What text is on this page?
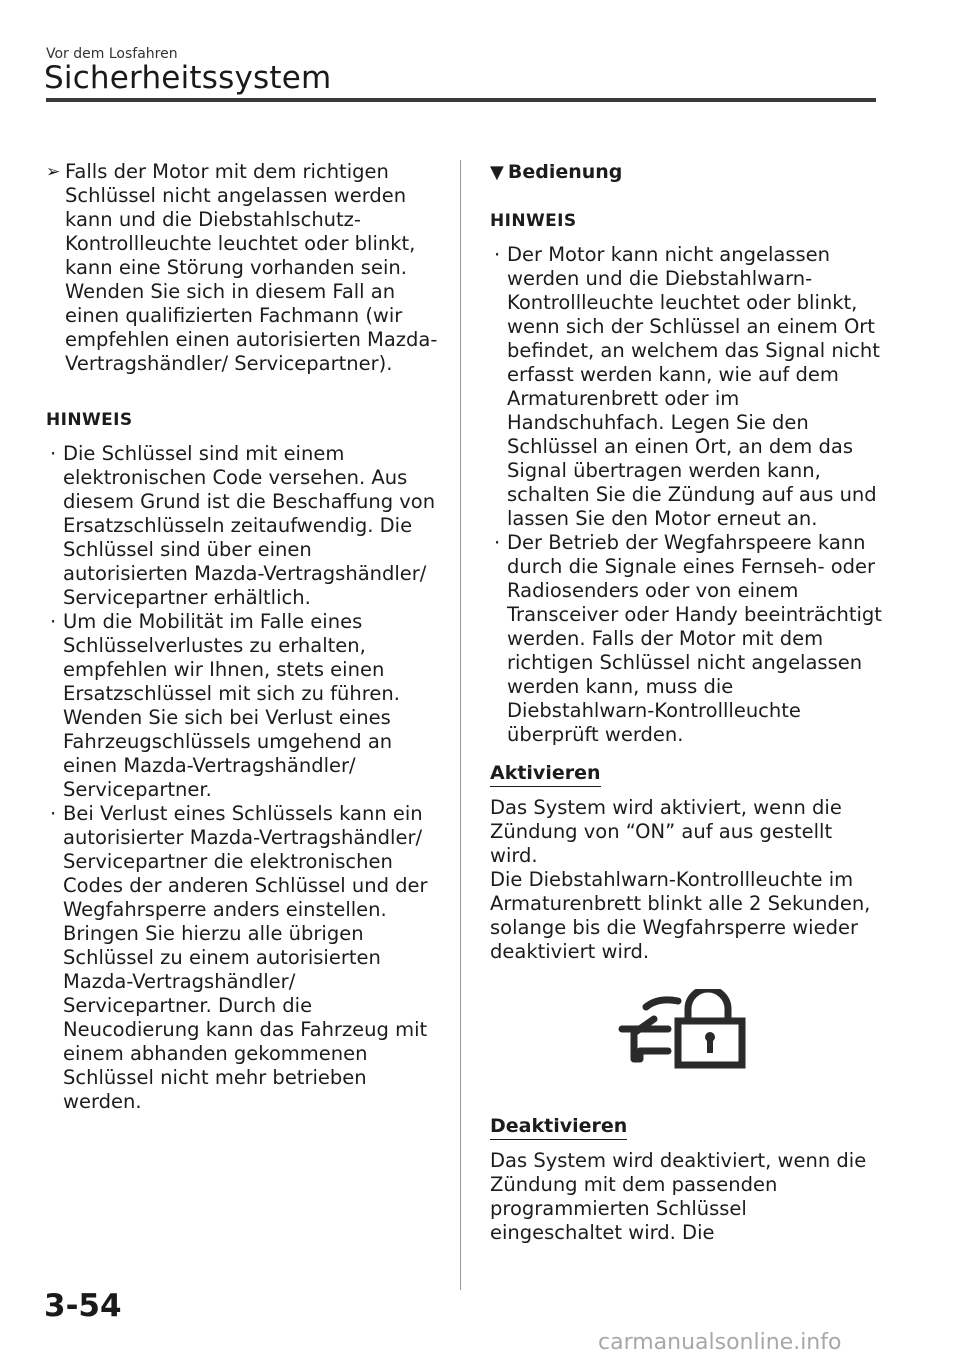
Vor dem Losfahren
Sicherheitssystem

➢ Falls der Motor mit dem richtigen Schlüssel nicht angelassen werden kann und die Diebstahlschutz-Kontrollleuchte leuchtet oder blinkt, kann eine Störung vorhanden sein. Wenden Sie sich in diesem Fall an einen qualifizierten Fachmann (wir empfehlen einen autorisierten Mazda-Vertragshändler/ Servicepartner).

HINWEIS

· Die Schlüssel sind mit einem elektronischen Code versehen. Aus diesem Grund ist die Beschaffung von Ersatzschlüsseln zeitaufwendig. Die Schlüssel sind über einen autorisierten Mazda-Vertragshändler/ Servicepartner erhältlich.
· Um die Mobilität im Falle eines Schlüsselverlustes zu erhalten, empfehlen wir Ihnen, stets einen Ersatzschlüssel mit sich zu führen. Wenden Sie sich bei Verlust eines Fahrzeugschlüssels umgehend an einen Mazda-Vertragshändler/ Servicepartner.
· Bei Verlust eines Schlüssels kann ein autorisierter Mazda-Vertragshändler/ Servicepartner die elektronischen Codes der anderen Schlüssel und der Wegfahrsperre anders einstellen. Bringen Sie hierzu alle übrigen Schlüssel zu einem autorisierten Mazda-Vertragshändler/ Servicepartner. Durch die Neucodierung kann das Fahrzeug mit einem abhanden gekommenen Schlüssel nicht mehr betrieben werden.

▼ Bedienung

HINWEIS

· Der Motor kann nicht angelassen werden und die Diebstahlwarn-Kontrollleuchte leuchtet oder blinkt, wenn sich der Schlüssel an einem Ort befindet, an welchem das Signal nicht erfasst werden kann, wie auf dem Armaturenbrett oder im Handschuhfach. Legen Sie den Schlüssel an einen Ort, an dem das Signal übertragen werden kann, schalten Sie die Zündung auf aus und lassen Sie den Motor erneut an.
· Der Betrieb der Wegfahrspeere kann durch die Signale eines Fernseh- oder Radiosenders oder von einem Transceiver oder Handy beeinträchtigt werden. Falls der Motor mit dem richtigen Schlüssel nicht angelassen werden kann, muss die Diebstahlwarn-Kontrollleuchte überprüft werden.

Aktivieren

Das System wird aktiviert, wenn die Zündung von “ON” auf aus gestellt wird.

Die Diebstahlwarn-Kontrollleuchte im Armaturenbrett blinkt alle 2 Sekunden, solange bis die Wegfahrsperre wieder deaktiviert wird.

Deaktivieren

Das System wird deaktiviert, wenn die Zündung mit dem passenden programmierten Schlüssel eingeschaltet wird. Die

3-54
carmanualsonline.info
